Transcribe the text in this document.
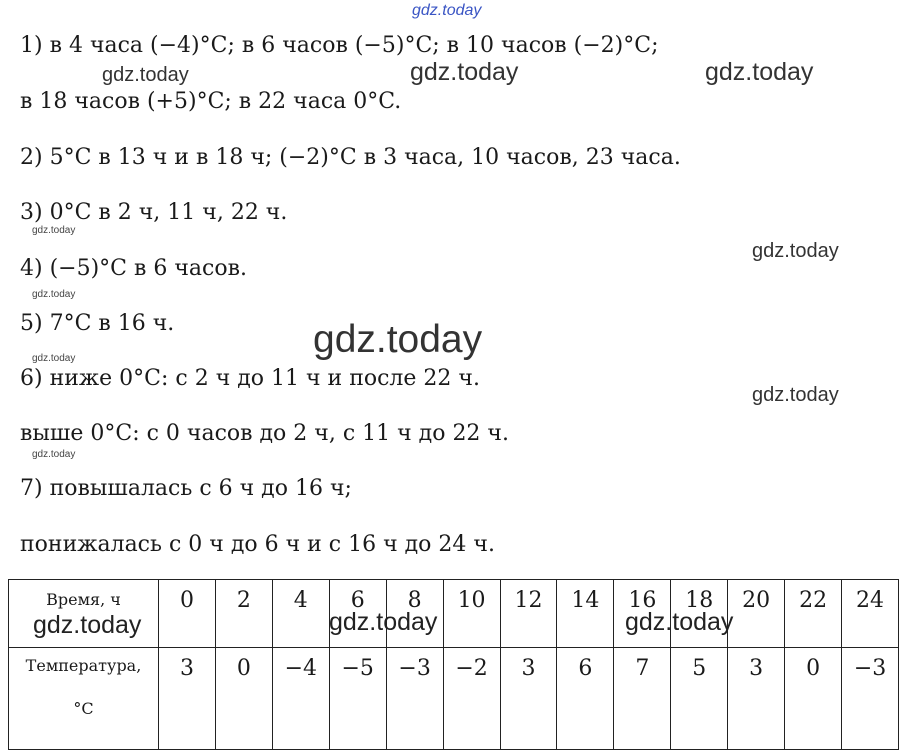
gdz.today
gdz.today	gdz.today	gdz.today
gdz.today
gdz.today
gdz.today
gdz.today
gdz.today
gdz.today
gdz.today
1) в 4 часа (−4)°C; в 6 часов (−5)°C; в 10 часов (−2)°C;
в 18 часов (+5)°C; в 22 часа 0°C.
2) 5°C в 13 ч и в 18 ч; (−2)°C в 3 часа, 10 часов, 23 часа.
3) 0°C в 2 ч, 11 ч, 22 ч.
4) (−5)°C в 6 часов.
5) 7°C в 16 ч.
6) ниже 0°C: с 2 ч до 11 ч и после 22 ч.
выше 0°C: с 0 часов до 2 ч, с 11 ч до 22 ч.
7) повышалась с 6 ч до 16 ч;
понижалась с 0 ч до 6 ч и с 16 ч до 24 ч.
Время, ч	0	2	4	6	8	10	12	14	16	18	20	22	24
Температура,
°C	3	0	−4	−5	−3	−2	3	6	7	5	3	0	−3
gdz.today	gdz.today	gdz.today
